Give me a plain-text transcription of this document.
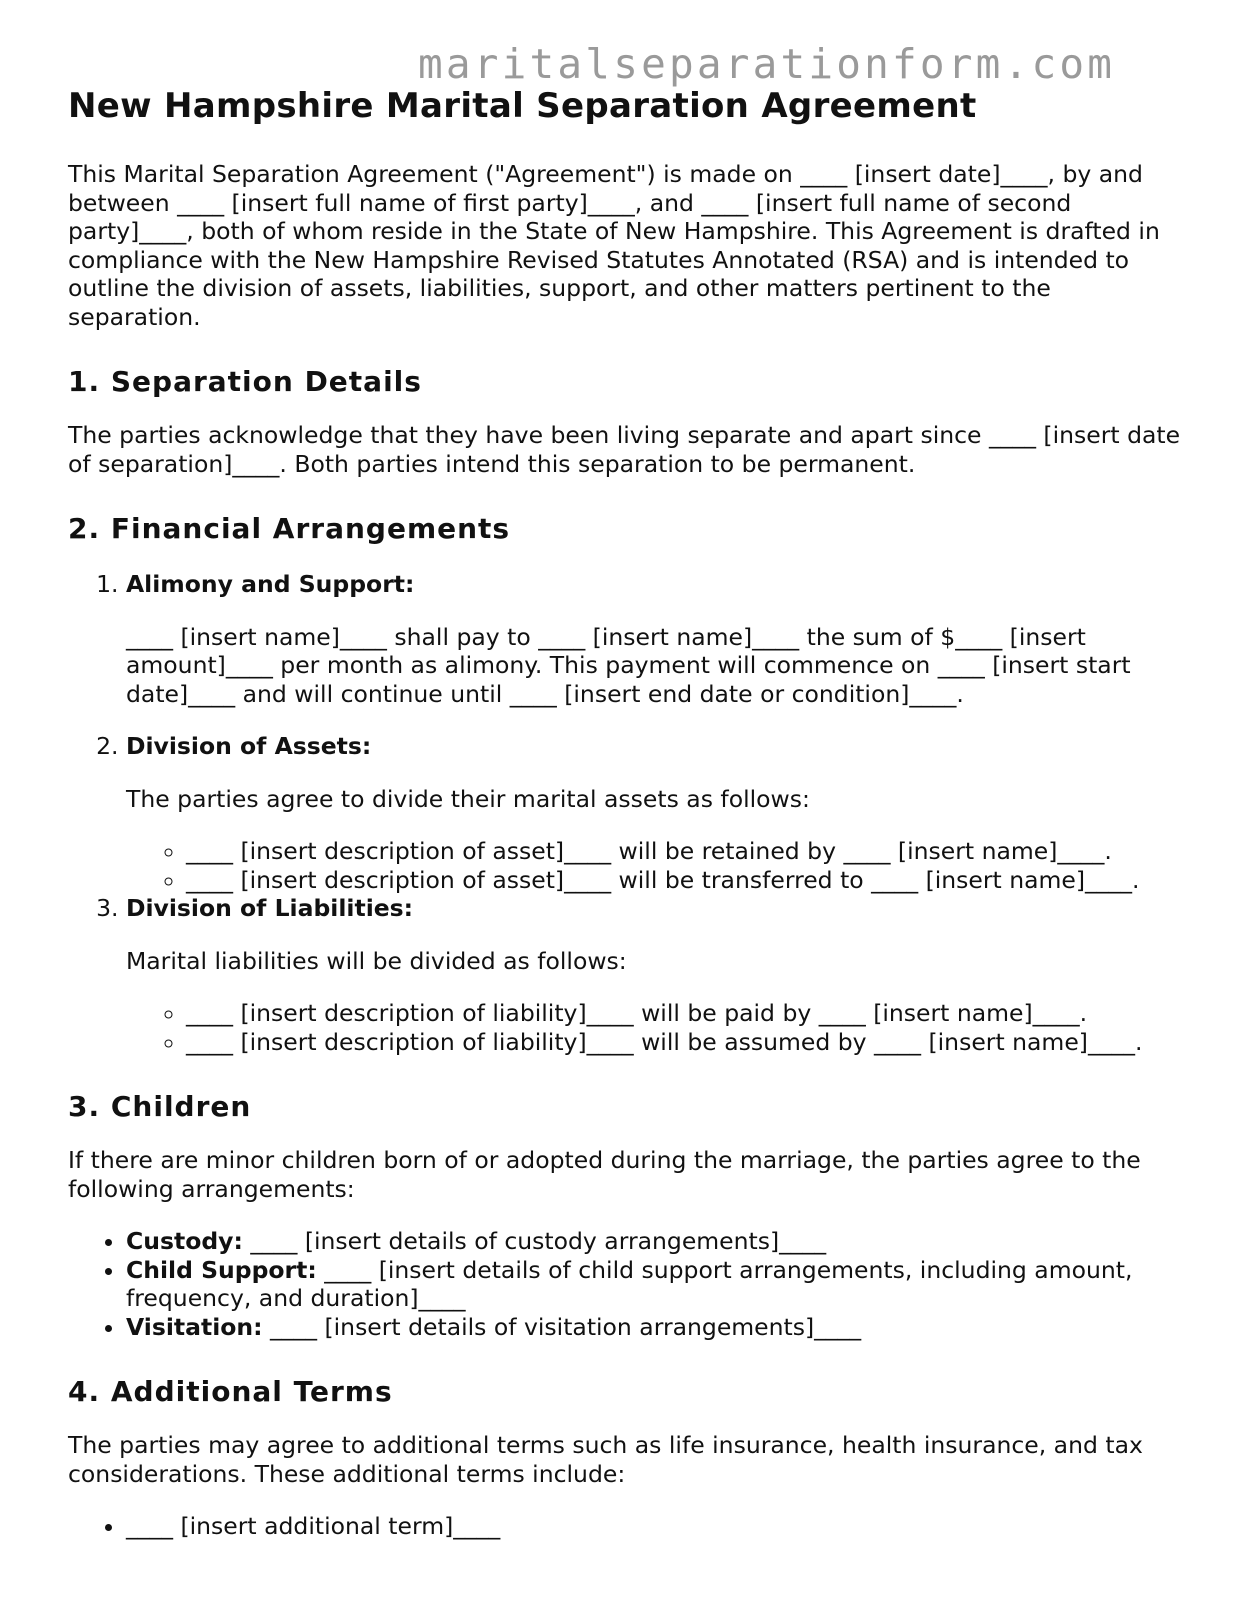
maritalseparationform.com

New Hampshire Marital Separation Agreement

This Marital Separation Agreement ("Agreement") is made on ____ [insert date]____, by and between ____ [insert full name of first party]____, and ____ [insert full name of second party]____, both of whom reside in the State of New Hampshire. This Agreement is drafted in compliance with the New Hampshire Revised Statutes Annotated (RSA) and is intended to outline the division of assets, liabilities, support, and other matters pertinent to the separation.

1. Separation Details

The parties acknowledge that they have been living separate and apart since ____ [insert date of separation]____. Both parties intend this separation to be permanent.

2. Financial Arrangements
1. Alimony and Support:
____ [insert name]____ shall pay to ____ [insert name]____ the sum of $____ [insert amount]____ per month as alimony. This payment will commence on ____ [insert start date]____ and will continue until ____ [insert end date or condition]____.
2. Division of Assets:
The parties agree to divide their marital assets as follows:
◦ ____ [insert description of asset]____ will be retained by ____ [insert name]____.
◦ ____ [insert description of asset]____ will be transferred to ____ [insert name]____.
3. Division of Liabilities:
Marital liabilities will be divided as follows:
◦ ____ [insert description of liability]____ will be paid by ____ [insert name]____.
◦ ____ [insert description of liability]____ will be assumed by ____ [insert name]____.
3. Children

If there are minor children born of or adopted during the marriage, the parties agree to the following arrangements:

• Custody: ____ [insert details of custody arrangements]____
• Child Support: ____ [insert details of child support arrangements, including amount, frequency, and duration]____
• Visitation: ____ [insert details of visitation arrangements]____
4. Additional Terms

The parties may agree to additional terms such as life insurance, health insurance, and tax considerations. These additional terms include:

• ____ [insert additional term]____
